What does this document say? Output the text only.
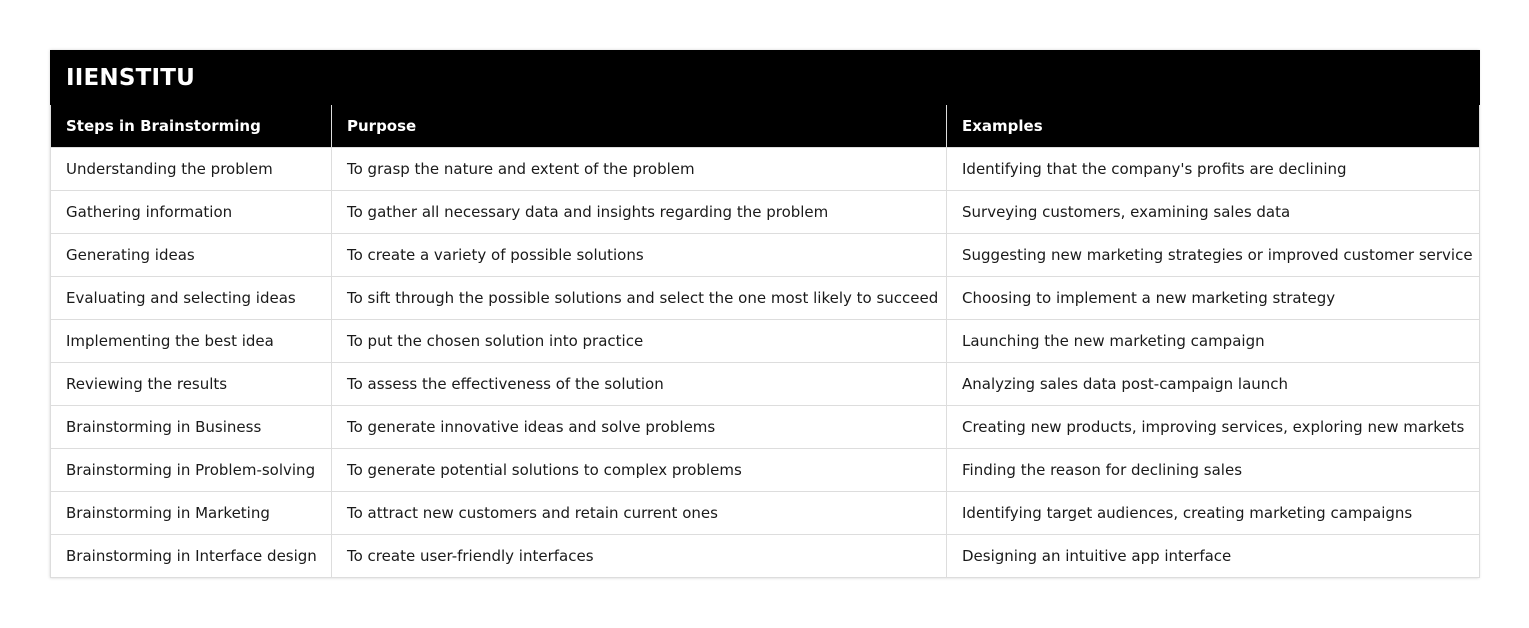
IIENSTITU		
Steps in Brainstorming	Purpose	Examples
Understanding the problem	To grasp the nature and extent of the problem	Identifying that the company's profits are declining
Gathering information	To gather all necessary data and insights regarding the problem	Surveying customers, examining sales data
Generating ideas	To create a variety of possible solutions	Suggesting new marketing strategies or improved customer service
Evaluating and selecting ideas	To sift through the possible solutions and select the one most likely to succeed	Choosing to implement a new marketing strategy
Implementing the best idea	To put the chosen solution into practice	Launching the new marketing campaign
Reviewing the results	To assess the effectiveness of the solution	Analyzing sales data post-campaign launch
Brainstorming in Business	To generate innovative ideas and solve problems	Creating new products, improving services, exploring new markets
Brainstorming in Problem-solving	To generate potential solutions to complex problems	Finding the reason for declining sales
Brainstorming in Marketing	To attract new customers and retain current ones	Identifying target audiences, creating marketing campaigns
Brainstorming in Interface design	To create user-friendly interfaces	Designing an intuitive app interface
